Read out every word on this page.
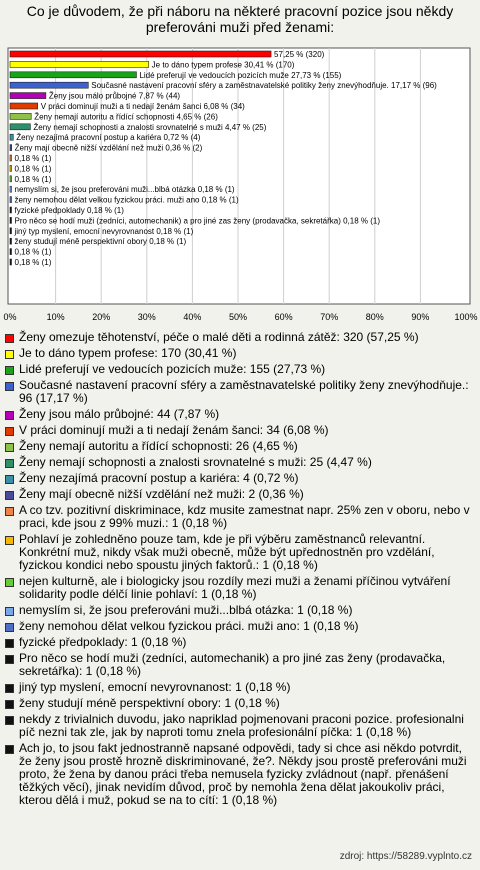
Co je důvodem, že při náboru na některé pracovní pozice jsou někdy preferováni muži před ženami:
57,25 % (320)
Je to dáno typem profese 30,41 % (170)
Lidé preferují ve vedoucích pozicích muže 27,73 % (155)
Současné nastavení pracovní sféry a zaměstnavatelské politiky ženy znevýhodňuje. 17,17 % (96)
Ženy jsou málo průbojné 7,87 % (44)
V práci dominují muži a ti nedají ženám šanci 6,08 % (34)
Ženy nemají autoritu a řídící schopnosti 4,65 % (26)
Ženy nemají schopnosti a znalosti srovnatelné s muži 4,47 % (25)
Ženy nezajímá pracovní postup a kariéra 0,72 % (4)
Ženy mají obecně nižší vzdělání než muži 0,36 % (2)
0,18 % (1)
0,18 % (1)
0,18 % (1)
nemyslím si, že jsou preferováni muži...blbá otázka 0,18 % (1)
ženy nemohou dělat velkou fyzickou práci. muži ano 0,18 % (1)
fyzické předpoklady 0,18 % (1)
Pro něco se hodí muži (zedníci, automechanik) a pro jiné zas ženy (prodavačka, sekretářka) 0,18 % (1)
jiný typ myslení, emocní nevyrovnanost 0,18 % (1)
ženy studují méně perspektivní obory 0,18 % (1)
0,18 % (1)
0,18 % (1)
0%	10%	20%	30%	40%	50%	60%	70%	80%	90%	100%
Ženy omezuje těhotenství, péče o malé děti a rodinná zátěž: 320 (57,25 %)
Je to dáno typem profese: 170 (30,41 %)
Lidé preferují ve vedoucích pozicích muže: 155 (27,73 %)
Současné nastavení pracovní sféry a zaměstnavatelské politiky ženy znevýhodňuje.: 96 (17,17 %)
Ženy jsou málo průbojné: 44 (7,87 %)
V práci dominují muži a ti nedají ženám šanci: 34 (6,08 %)
Ženy nemají autoritu a řídící schopnosti: 26 (4,65 %)
Ženy nemají schopnosti a znalosti srovnatelné s muži: 25 (4,47 %)
Ženy nezajímá pracovní postup a kariéra: 4 (0,72 %)
Ženy mají obecně nižší vzdělání než muži: 2 (0,36 %)
A co tzv. pozitivní diskriminace, kdz musite zamestnat napr. 25% zen v oboru, nebo v praci, kde jsou z 99% muzi.: 1 (0,18 %)
Pohlaví je zohledněno pouze tam, kde je při výběru zaměstnanců relevantní. Konkrétní muž, nikdy však muži obecně, může být upřednostněn pro vzdělání, fyzickou kondici nebo spoustu jiných faktorů.: 1 (0,18 %)
nejen kulturně, ale i biologicky jsou rozdíly mezi muži a ženami příčinou vytváření solidarity podle délčí linie pohlaví: 1 (0,18 %)
nemyslím si, že jsou preferováni muži...blbá otázka: 1 (0,18 %)
ženy nemohou dělat velkou fyzickou práci. muži ano: 1 (0,18 %)
fyzické předpoklady: 1 (0,18 %)
Pro něco se hodí muži (zedníci, automechanik) a pro jiné zas ženy (prodavačka, sekretářka): 1 (0,18 %)
jiný typ myslení, emocní nevyrovnanost: 1 (0,18 %)
ženy studují méně perspektivní obory: 1 (0,18 %)
nekdy z trivialnich duvodu, jako napriklad pojmenovani praconi pozice. profesionalni píč nezni tak zle, jak by naproti tomu znela profesionální píčka: 1 (0,18 %)
Ach jo, to jsou fakt jednostranně napsané odpovědi, tady si chce asi někdo potvrdit, že ženy jsou prostě hrozně diskriminované, že?. Někdy jsou prostě preferováni muži proto, že žena by danou práci třeba nemusela fyzicky zvládnout (např. přenášení těžkých věcí), jinak nevidím důvod, proč by nemohla žena dělat jakoukoliv práci, kterou dělá i muž, pokud se na to cítí: 1 (0,18 %)
zdroj: https://58289.vyplnto.cz
